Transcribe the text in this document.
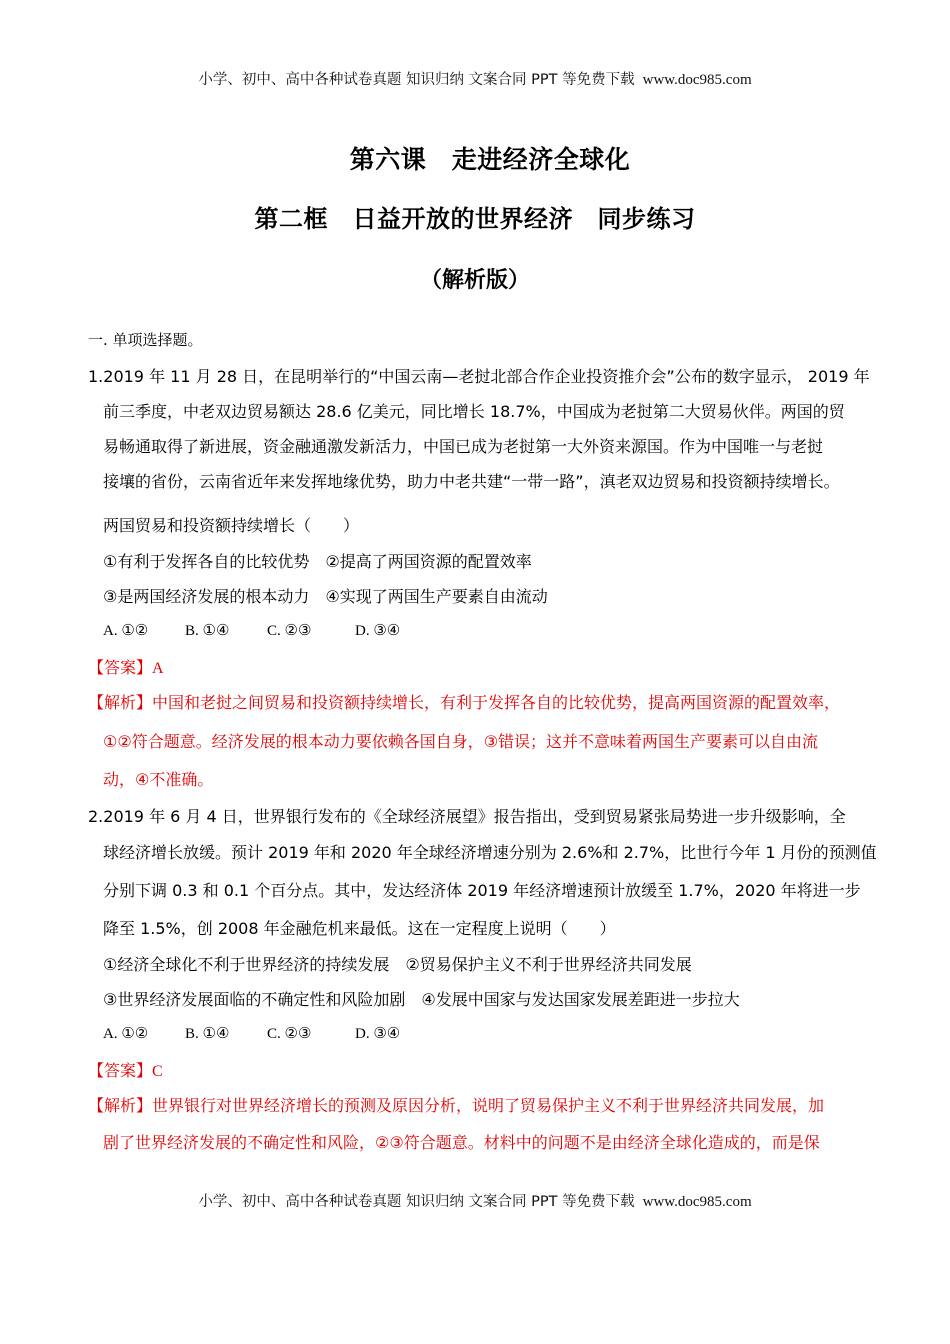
小学、初中、高中各种试卷真题 知识归纳 文案合同 PPT 等免费下载 www.doc985.com
第六课　走进经济全球化
第二框　日益开放的世界经济　同步练习
（解析版）
一. 单项选择题。
1.2019 年 11 月 28 日，在昆明举行的“中国云南—老挝北部合作企业投资推介会”公布的数字显示， 2019 年
前三季度，中老双边贸易额达 28.6 亿美元，同比增长 18.7%，中国成为老挝第二大贸易伙伴。两国的贸
易畅通取得了新进展，资金融通激发新活力，中国已成为老挝第一大外资来源国。作为中国唯一与老挝
接壤的省份，云南省近年来发挥地缘优势，助力中老共建“一带一路”，滇老双边贸易和投资额持续增长。
两国贸易和投资额持续增长（　　）
①有利于发挥各自的比较优势　②提高了两国资源的配置效率
③是两国经济发展的根本动力　④实现了两国生产要素自由流动
A. ①② B. ①④	C. ②③	D. ③④
【答案】A
【解析】中国和老挝之间贸易和投资额持续增长，有利于发挥各自的比较优势，提高两国资源的配置效率，
①②符合题意。经济发展的根本动力要依赖各国自身，③错误；这并不意味着两国生产要素可以自由流
动，④不准确。
2.2019 年 6 月 4 日，世界银行发布的《全球经济展望》报告指出，受到贸易紧张局势进一步升级影响，全
球经济增长放缓。预计 2019 年和 2020 年全球经济增速分别为 2.6%和 2.7%，比世行今年 1 月份的预测值
分别下调 0.3 和 0.1 个百分点。其中，发达经济体 2019 年经济增速预计放缓至 1.7%，2020 年将进一步
降至 1.5%，创 2008 年金融危机来最低。这在一定程度上说明（　　）
①经济全球化不利于世界经济的持续发展　②贸易保护主义不利于世界经济共同发展
③世界经济发展面临的不确定性和风险加剧　④发展中国家与发达国家发展差距进一步拉大
A. ①② B. ①④	C. ②③	D. ③④
【答案】C
【解析】世界银行对世界经济增长的预测及原因分析，说明了贸易保护主义不利于世界经济共同发展，加
剧了世界经济发展的不确定性和风险，②③符合题意。材料中的问题不是由经济全球化造成的，而是保
小学、初中、高中各种试卷真题 知识归纳 文案合同 PPT 等免费下载 www.doc985.com
